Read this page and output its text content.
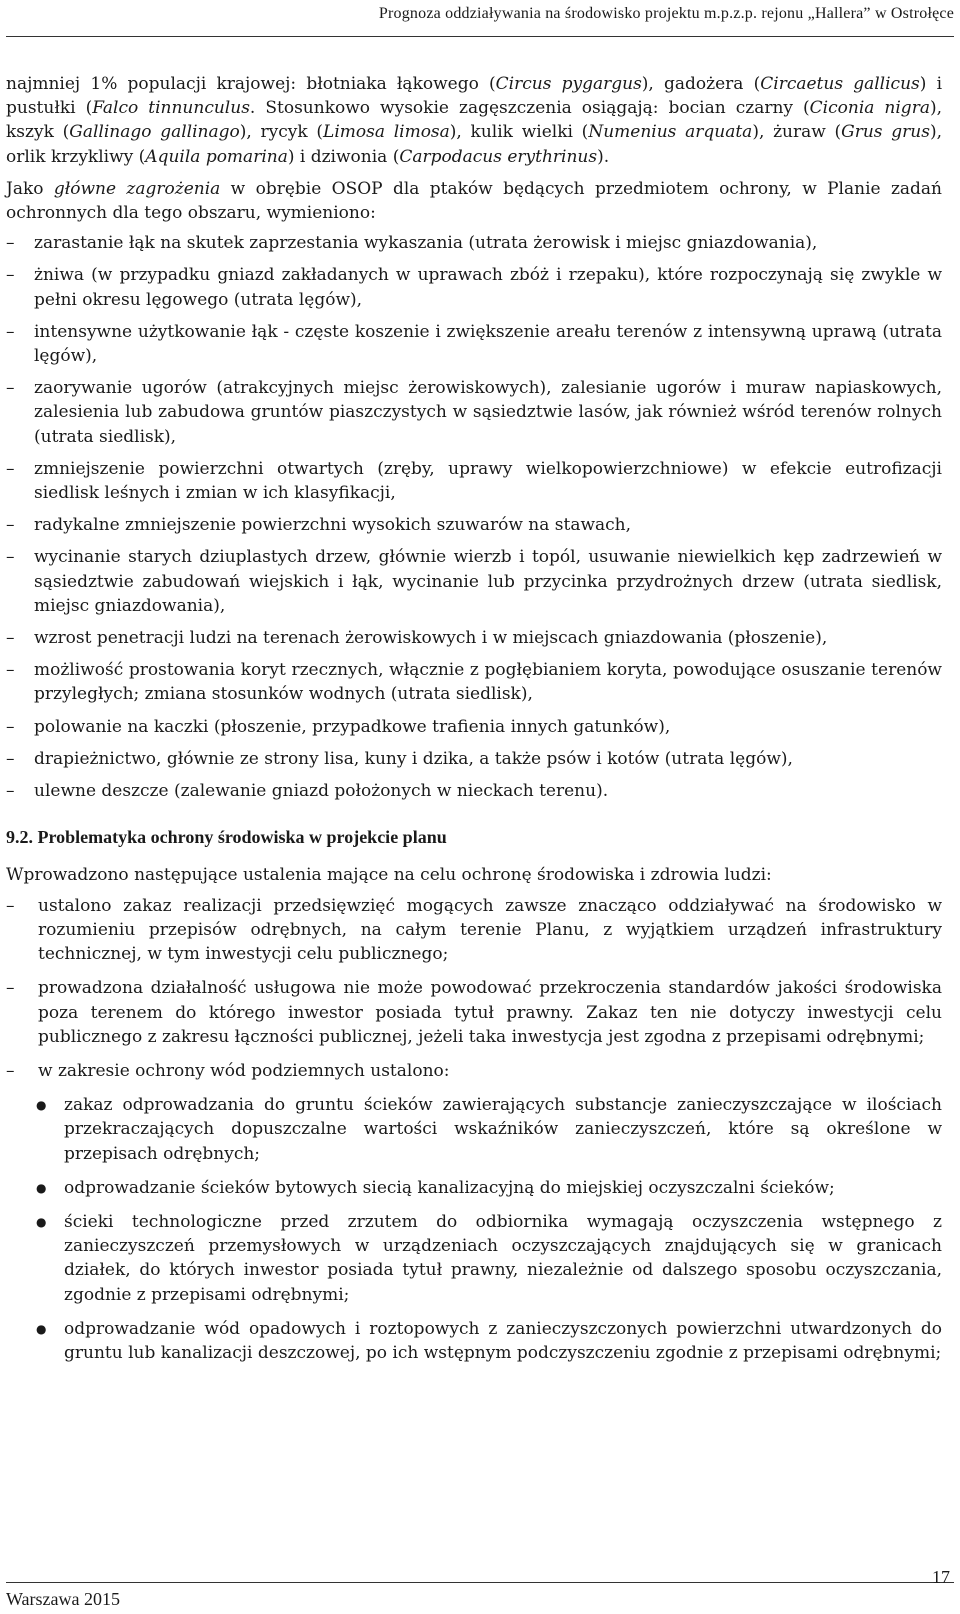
Prognoza oddziaływania na środowisko projektu m.p.z.p. rejonu „Hallera” w Ostrołęce

najmniej 1% populacji krajowej: błotniaka łąkowego (Circus pygargus), gadożera (Circaetus gallicus) i pustułki (Falco tinnunculus. Stosunkowo wysokie zagęszczenia osiągają: bocian czarny (Ciconia nigra), kszyk (Gallinago gallinago), rycyk (Limosa limosa), kulik wielki (Numenius arquata), żuraw (Grus grus), orlik krzykliwy (Aquila pomarina) i dziwonia (Carpodacus erythrinus).

Jako główne zagrożenia w obrębie OSOP dla ptaków będących przedmiotem ochrony, w Planie zadań ochronnych dla tego obszaru, wymieniono:

– zarastanie łąk na skutek zaprzestania wykaszania (utrata żerowisk i miejsc gniazdowania),
– żniwa (w przypadku gniazd zakładanych w uprawach zbóż i rzepaku), które rozpoczynają się zwykle w pełni okresu lęgowego (utrata lęgów),
– intensywne użytkowanie łąk - częste koszenie i zwiększenie areału terenów z intensywną uprawą (utrata lęgów),
– zaorywanie ugorów (atrakcyjnych miejsc żerowiskowych), zalesianie ugorów i muraw napiaskowych, zalesienia lub zabudowa gruntów piaszczystych w sąsiedztwie lasów, jak również wśród terenów rolnych (utrata siedlisk),
– zmniejszenie powierzchni otwartych (zręby, uprawy wielkopowierzchniowe) w efekcie eutrofizacji siedlisk leśnych i zmian w ich klasyfikacji,
– radykalne zmniejszenie powierzchni wysokich szuwarów na stawach,
– wycinanie starych dziuplastych drzew, głównie wierzb i topól, usuwanie niewielkich kęp zadrzewień w sąsiedztwie zabudowań wiejskich i łąk, wycinanie lub przycinka przydrożnych drzew (utrata siedlisk, miejsc gniazdowania),
– wzrost penetracji ludzi na terenach żerowiskowych i w miejscach gniazdowania (płoszenie),
– możliwość prostowania koryt rzecznych, włącznie z pogłębianiem koryta, powodujące osuszanie terenów przyległych; zmiana stosunków wodnych (utrata siedlisk),
– polowanie na kaczki (płoszenie, przypadkowe trafienia innych gatunków),
– drapieżnictwo, głównie ze strony lisa, kuny i dzika, a także psów i kotów (utrata lęgów),
– ulewne deszcze (zalewanie gniazd położonych w nieckach terenu).

9.2. Problematyka ochrony środowiska w projekcie planu

Wprowadzono następujące ustalenia mające na celu ochronę środowiska i zdrowia ludzi:

– ustalono zakaz realizacji przedsięwzięć mogących zawsze znacząco oddziaływać na środowisko w rozumieniu przepisów odrębnych, na całym terenie Planu, z wyjątkiem urządzeń infrastruktury technicznej, w tym inwestycji celu publicznego;
– prowadzona działalność usługowa nie może powodować przekroczenia standardów jakości środowiska poza terenem do którego inwestor posiada tytuł prawny. Zakaz ten nie dotyczy inwestycji celu publicznego z zakresu łączności publicznej, jeżeli taka inwestycja jest zgodna z przepisami odrębnymi;
– w zakresie ochrony wód podziemnych ustalono:
● zakaz odprowadzania do gruntu ścieków zawierających substancje zanieczyszczające w ilościach przekraczających dopuszczalne wartości wskaźników zanieczyszczeń, które są określone w przepisach odrębnych;
● odprowadzanie ścieków bytowych siecią kanalizacyjną do miejskiej oczyszczalni ścieków;
● ścieki technologiczne przed zrzutem do odbiornika wymagają oczyszczenia wstępnego z zanieczyszczeń przemysłowych w urządzeniach oczyszczających znajdujących się w granicach działek, do których inwestor posiada tytuł prawny, niezależnie od dalszego sposobu oczyszczania, zgodnie z przepisami odrębnymi;
● odprowadzanie wód opadowych i roztopowych z zanieczyszczonych powierzchni utwardzonych do gruntu lub kanalizacji deszczowej, po ich wstępnym podczyszczeniu zgodnie z przepisami odrębnymi;
Warszawa 2015
17
